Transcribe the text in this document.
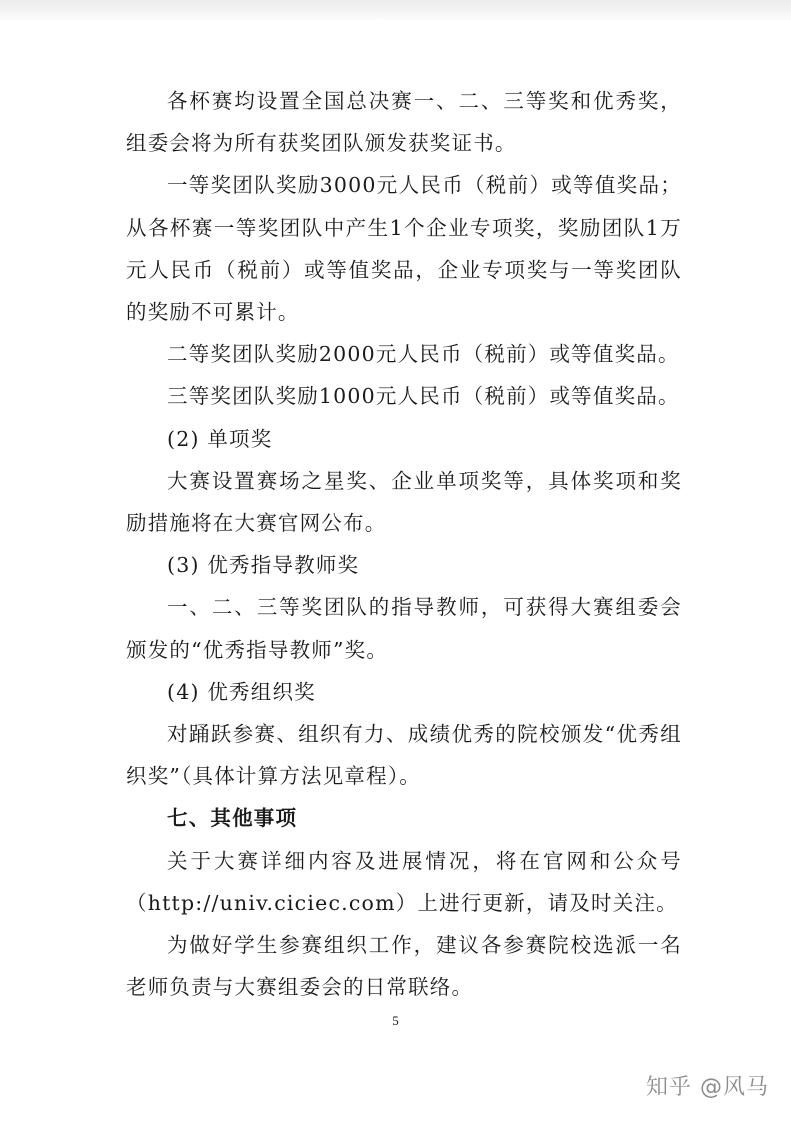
各杯赛均设置全国总决赛一、二、三等奖和优秀奖，组委会将为所有获奖团队颁发获奖证书。

一等奖团队奖励3000元人民币（税前）或等值奖品；从各杯赛一等奖团队中产生1个企业专项奖，奖励团队1万元人民币（税前）或等值奖品，企业专项奖与一等奖团队的奖励不可累计。

二等奖团队奖励2000元人民币（税前）或等值奖品。

三等奖团队奖励1000元人民币（税前）或等值奖品。

(2) 单项奖

大赛设置赛场之星奖、企业单项奖等，具体奖项和奖励措施将在大赛官网公布。

(3) 优秀指导教师奖

一、二、三等奖团队的指导教师，可获得大赛组委会颁发的“优秀指导教师”奖。

(4) 优秀组织奖

对踊跃参赛、组织有力、成绩优秀的院校颁发“优秀组织奖”（具体计算方法见章程）。

七、其他事项

关于大赛详细内容及进展情况，将在官网和公众号（http://univ.ciciec.com）上进行更新，请及时关注。

为做好学生参赛组织工作，建议各参赛院校选派一名老师负责与大赛组委会的日常联络。

5
知乎 @风马
